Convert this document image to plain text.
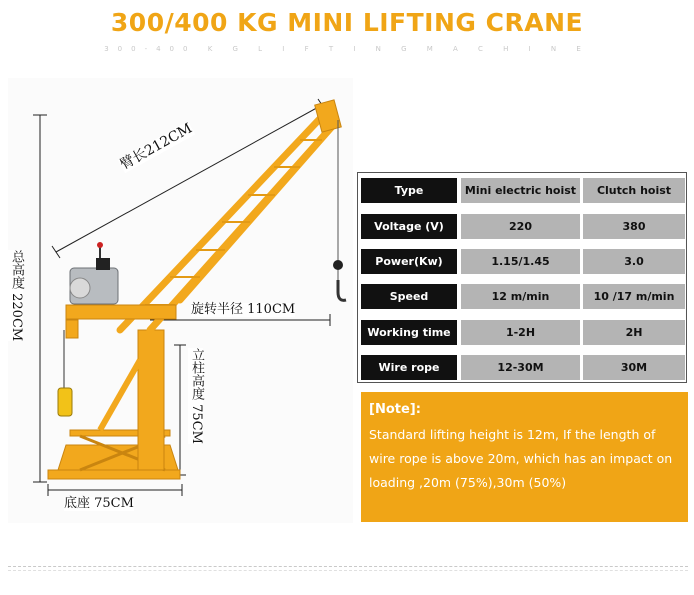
300/400 KG MINI LIFTING CRANE
300-400 K G L I F T I N G M A C H I N E
臂长212CM
总高度 220CM	旋转半径 110CM
立柱高度 75CM
底座 75CM
Type	Mini electric hoist	Clutch hoist
Voltage (V)	220	380
Power(Kw)	1.15/1.45	3.0
Speed	12 m/min	10 /17 m/min
Working time	1-2H	2H
Wire rope	12-30M	30M
[Note]:
Standard lifting height is 12m, If the length of wire rope is above 20m, which has an impact on loading ,20m (75%),30m (50%)
